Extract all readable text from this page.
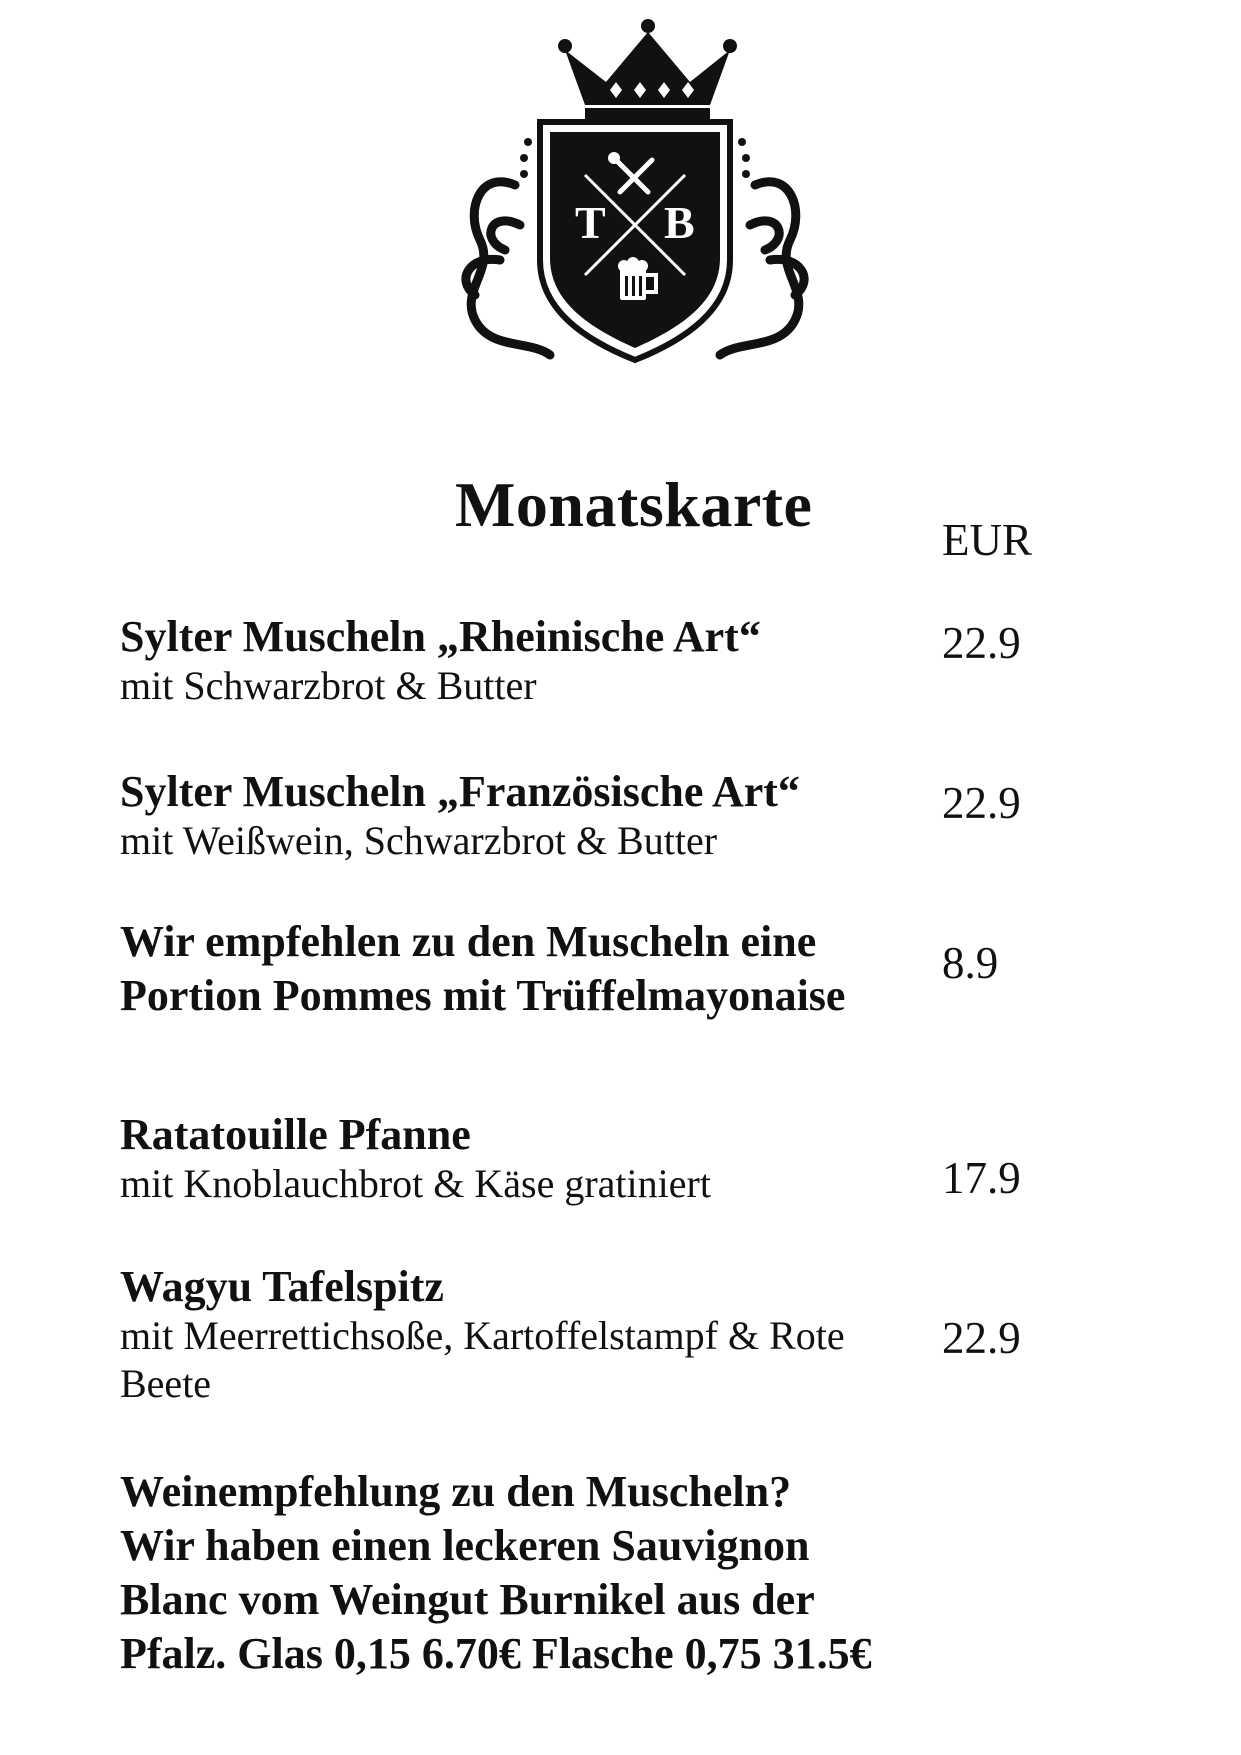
T B
Monatskarte	EUR
Sylter Muscheln „Rheinische Art“
mit Schwarzbrot & Butter
22.9
Sylter Muscheln „Französische Art“
mit Weißwein, Schwarzbrot & Butter
22.9
Wir empfehlen zu den Muscheln eine
Portion Pommes mit Trüffelmayonaise
8.9
Ratatouille Pfanne
mit Knoblauchbrot & Käse gratiniert	17.9
Wagyu Tafelspitz
mit Meerrettichsoße, Kartoffelstampf & Rote
Beete
22.9
Weinempfehlung zu den Muscheln?
Wir haben einen leckeren Sauvignon
Blanc vom Weingut Burnikel aus der
Pfalz. Glas 0,15 6.70€ Flasche 0,75 31.5€
